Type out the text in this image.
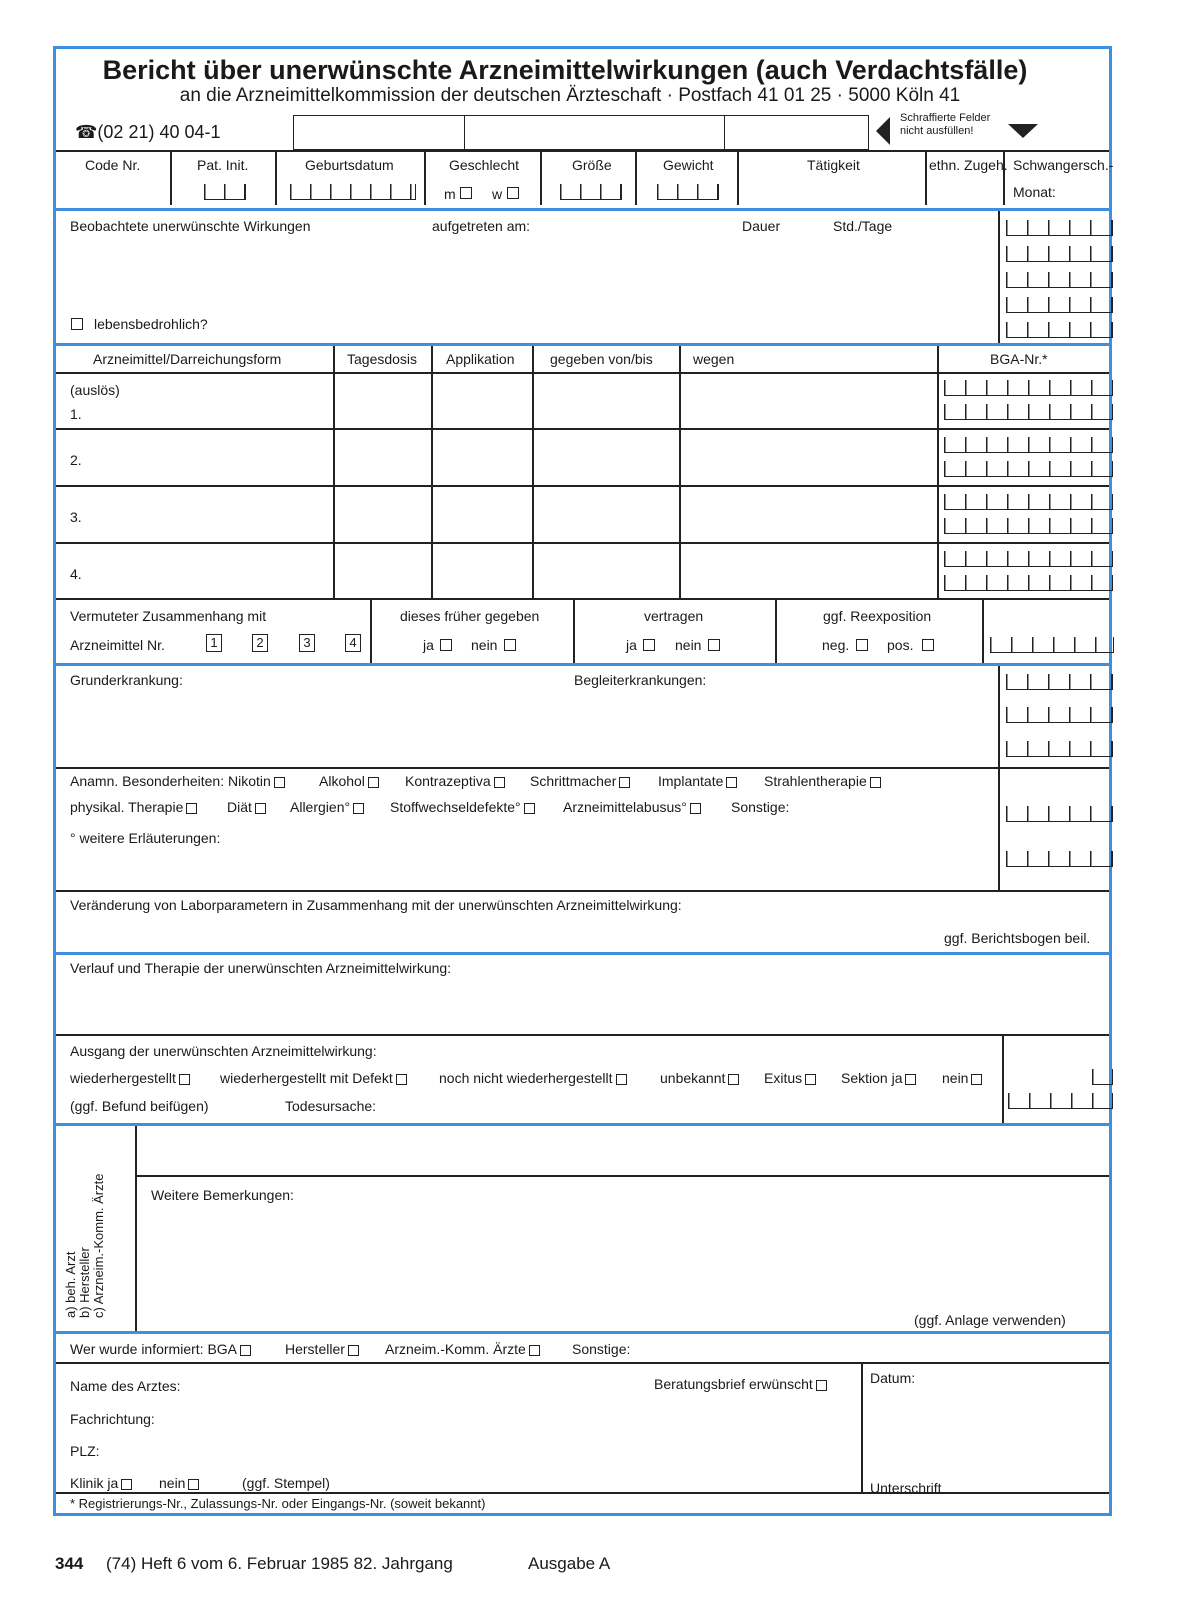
Bericht über unerwünschte Arzneimittelwirkungen (auch Verdachtsfälle)
an die Arzneimittelkommission der deutschen Ärzteschaft · Postfach 41 01 25 · 5000 Köln 41
☎(02 21) 40 04-1
Schraffierte Felder
nicht ausfüllen!
Code Nr.	Pat. Init.	Geburtsdatum	Geschlecht	Größe	Gewicht	Tätigkeit	ethn. Zugeh. Schwangersch.-
Monat:
m	w
Beobachtete unerwünschte Wirkungen	aufgetreten am:	Dauer	Std./Tage
lebensbedrohlich?
Arzneimittel/Darreichungsform	Tagesdosis Applikation	gegeben von/bis	wegen	BGA-Nr.*
(auslös)
1.
2.
3.
4.
Vermuteter Zusammenhang mit
Arzneimittel Nr.	1	2	3	4
dieses früher gegeben
ja	nein
vertragen
ja	nein
ggf. Reexposition
neg.	pos.
Grunderkrankung:	Begleiterkrankungen:
Anamn. Besonderheiten: Nikotin	Alkohol	Kontrazeptiva	Schrittmacher	Implantate	Strahlentherapie
physikal. Therapie	Diät	Allergien°	Stoffwechseldefekte°	Arzneimittelabusus°	Sonstige:
° weitere Erläuterungen:
Veränderung von Laborparametern in Zusammenhang mit der unerwünschten Arzneimittelwirkung:
ggf. Berichtsbogen beil.
Verlauf und Therapie der unerwünschten Arzneimittelwirkung:
Ausgang der unerwünschten Arzneimittelwirkung:
wiederhergestellt	wiederhergestellt mit Defekt	noch nicht wiederhergestellt	unbekannt	Exitus	Sektion ja	nein
(ggf. Befund beifügen)	Todesursache:
a) beh. Arzt b) Hersteller c) Arzneim.-Komm. Ärzte	Weitere Bemerkungen:
(ggf. Anlage verwenden)
Wer wurde informiert: BGA	Hersteller	Arzneim.-Komm. Ärzte	Sonstige:
Name des Arztes:	Beratungsbrief erwünscht	Datum:
Fachrichtung:
PLZ:
Klinik ja	nein	(ggf. Stempel)	Unterschrift
* Registrierungs-Nr., Zulassungs-Nr. oder Eingangs-Nr. (soweit bekannt)
344 (74) Heft 6 vom 6. Februar 1985 82. Jahrgang	Ausgabe A
